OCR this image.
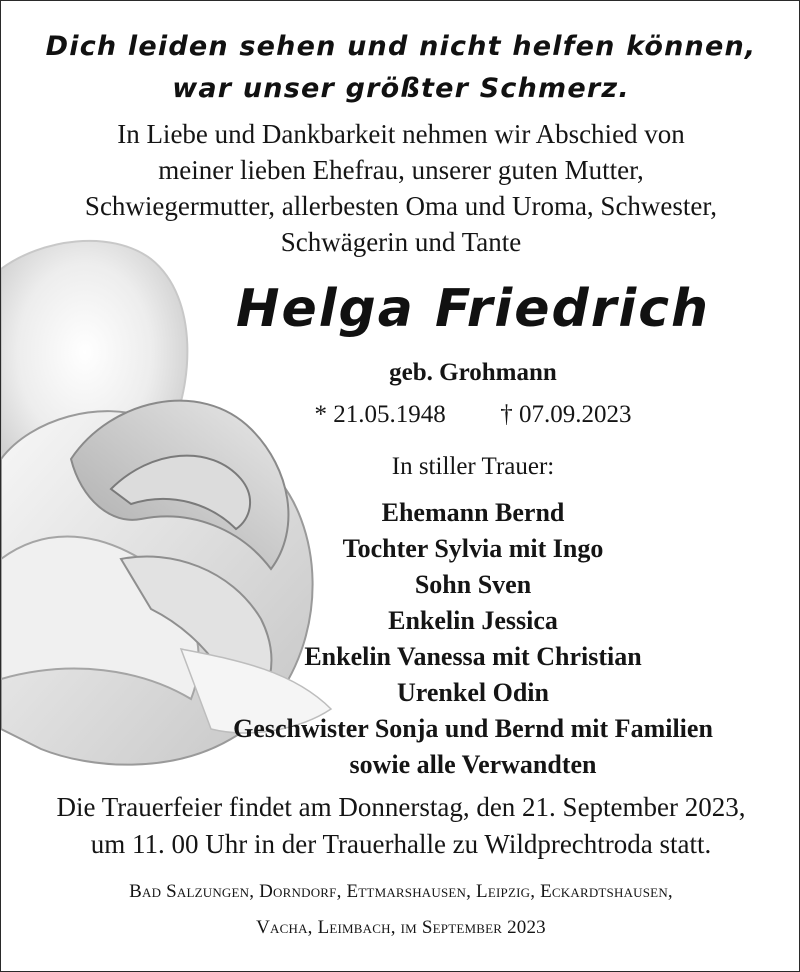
Dich leiden sehen und nicht helfen können,
war unser größter Schmerz.
In Liebe und Dankbarkeit nehmen wir Abschied von
meiner lieben Ehefrau, unserer guten Mutter,
Schwiegermutter, allerbesten Oma und Uroma, Schwester,
Schwägerin und Tante
Helga Friedrich
geb. Grohmann
* 21.05.1948 † 07.09.2023
In stiller Trauer:
Ehemann Bernd
Tochter Sylvia mit Ingo
Sohn Sven
Enkelin Jessica
Enkelin Vanessa mit Christian
Urenkel Odin
Geschwister Sonja und Bernd mit Familien
sowie alle Verwandten
Die Trauerfeier findet am Donnerstag, den 21. September 2023,
um 11. 00 Uhr in der Trauerhalle zu Wildprechtroda statt.
Bad Salzungen, Dorndorf, Ettmarshausen, Leipzig, Eckardtshausen,
Vacha, Leimbach, im September 2023
